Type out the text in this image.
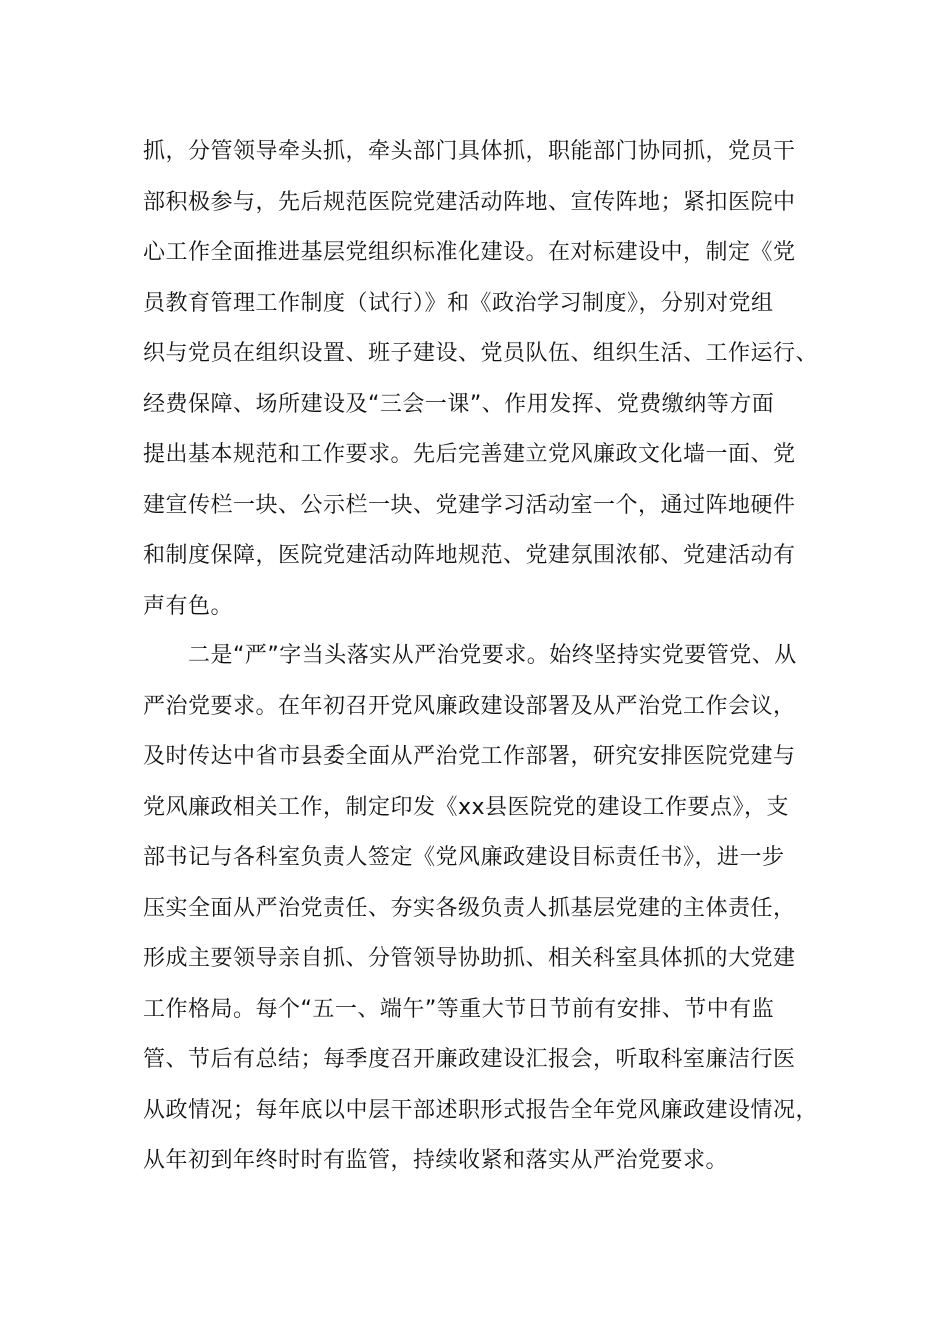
抓，分管领导牵头抓，牵头部门具体抓，职能部门协同抓，党员干
部积极参与，先后规范医院党建活动阵地、宣传阵地；紧扣医院中
心工作全面推进基层党组织标准化建设。在对标建设中，制定《党
员教育管理工作制度（试行）》和《政治学习制度》，分别对党组
织与党员在组织设置、班子建设、党员队伍、组织生活、工作运行、
经费保障、场所建设及“三会一课”、作用发挥、党费缴纳等方面
提出基本规范和工作要求。先后完善建立党风廉政文化墙一面、党
建宣传栏一块、公示栏一块、党建学习活动室一个，通过阵地硬件
和制度保障，医院党建活动阵地规范、党建氛围浓郁、党建活动有
声有色。
　　二是“严”字当头落实从严治党要求。始终坚持实党要管党、从
严治党要求。在年初召开党风廉政建设部署及从严治党工作会议，
及时传达中省市县委全面从严治党工作部署，研究安排医院党建与
党风廉政相关工作，制定印发《xx县医院党的建设工作要点》，支
部书记与各科室负责人签定《党风廉政建设目标责任书》，进一步
压实全面从严治党责任、夯实各级负责人抓基层党建的主体责任，
形成主要领导亲自抓、分管领导协助抓、相关科室具体抓的大党建
工作格局。每个“五一、端午”等重大节日节前有安排、节中有监
管、节后有总结；每季度召开廉政建设汇报会，听取科室廉洁行医
从政情况；每年底以中层干部述职形式报告全年党风廉政建设情况，
从年初到年终时时有监管，持续收紧和落实从严治党要求。
